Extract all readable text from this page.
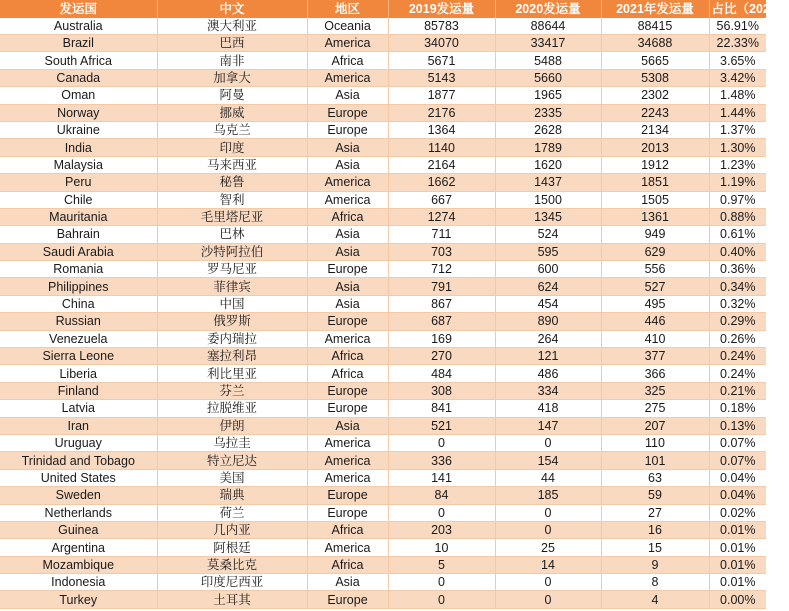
发运国	中文	地区	2019发运量	2020发运量	2021年发运量	占比（2021）
Australia	澳大利亚	Oceania	85783	88644	88415	56.91%
Brazil	巴西	America	34070	33417	34688	22.33%
South Africa	南非	Africa	5671	5488	5665	3.65%
Canada	加拿大	America	5143	5660	5308	3.42%
Oman	阿曼	Asia	1877	1965	2302	1.48%
Norway	挪威	Europe	2176	2335	2243	1.44%
Ukraine	乌克兰	Europe	1364	2628	2134	1.37%
India	印度	Asia	1140	1789	2013	1.30%
Malaysia	马来西亚	Asia	2164	1620	1912	1.23%
Peru	秘鲁	America	1662	1437	1851	1.19%
Chile	智利	America	667	1500	1505	0.97%
Mauritania	毛里塔尼亚	Africa	1274	1345	1361	0.88%
Bahrain	巴林	Asia	711	524	949	0.61%
Saudi Arabia	沙特阿拉伯	Asia	703	595	629	0.40%
Romania	罗马尼亚	Europe	712	600	556	0.36%
Philippines	菲律宾	Asia	791	624	527	0.34%
China	中国	Asia	867	454	495	0.32%
Russian	俄罗斯	Europe	687	890	446	0.29%
Venezuela	委内瑞拉	America	169	264	410	0.26%
Sierra Leone	塞拉利昂	Africa	270	121	377	0.24%
Liberia	利比里亚	Africa	484	486	366	0.24%
Finland	芬兰	Europe	308	334	325	0.21%
Latvia	拉脱维亚	Europe	841	418	275	0.18%
Iran	伊朗	Asia	521	147	207	0.13%
Uruguay	乌拉圭	America	0	0	110	0.07%
Trinidad and Tobago	特立尼达	America	336	154	101	0.07%
United States	美国	America	141	44	63	0.04%
Sweden	瑞典	Europe	84	185	59	0.04%
Netherlands	荷兰	Europe	0	0	27	0.02%
Guinea	几内亚	Africa	203	0	16	0.01%
Argentina	阿根廷	America	10	25	15	0.01%
Mozambique	莫桑比克	Africa	5	14	9	0.01%
Indonesia	印度尼西亚	Asia	0	0	8	0.01%
Turkey	土耳其	Europe	0	0	4	0.00%
